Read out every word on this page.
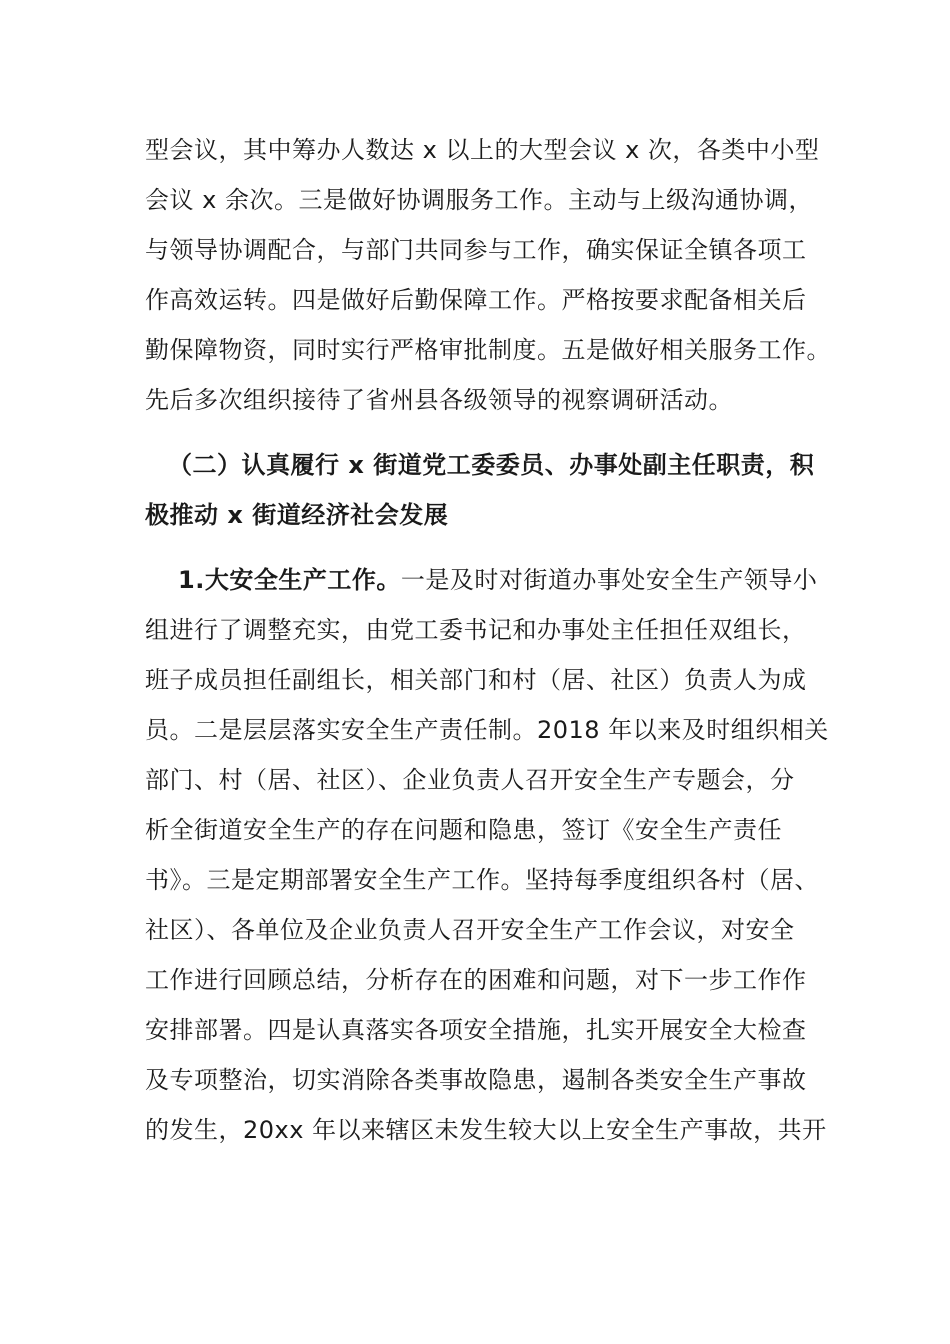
型会议，其中筹办人数达 x 以上的大型会议 x 次，各类中小型
会议 x 余次。三是做好协调服务工作。主动与上级沟通协调，
与领导协调配合，与部门共同参与工作，确实保证全镇各项工
作高效运转。四是做好后勤保障工作。严格按要求配备相关后
勤保障物资，同时实行严格审批制度。五是做好相关服务工作。
先后多次组织接待了省州县各级领导的视察调研活动。
（二）认真履行 x 街道党工委委员、办事处副主任职责，积
极推动 x 街道经济社会发展
1.大安全生产工作。一是及时对街道办事处安全生产领导小
组进行了调整充实，由党工委书记和办事处主任担任双组长，
班子成员担任副组长，相关部门和村（居、社区）负责人为成
员。二是层层落实安全生产责任制。2018 年以来及时组织相关
部门、村（居、社区）、企业负责人召开安全生产专题会，分
析全街道安全生产的存在问题和隐患，签订《安全生产责任
书》。三是定期部署安全生产工作。坚持每季度组织各村（居、
社区）、各单位及企业负责人召开安全生产工作会议，对安全
工作进行回顾总结，分析存在的困难和问题，对下一步工作作
安排部署。四是认真落实各项安全措施，扎实开展安全大检查
及专项整治，切实消除各类事故隐患，遏制各类安全生产事故
的发生，20xx 年以来辖区未发生较大以上安全生产事故，共开
